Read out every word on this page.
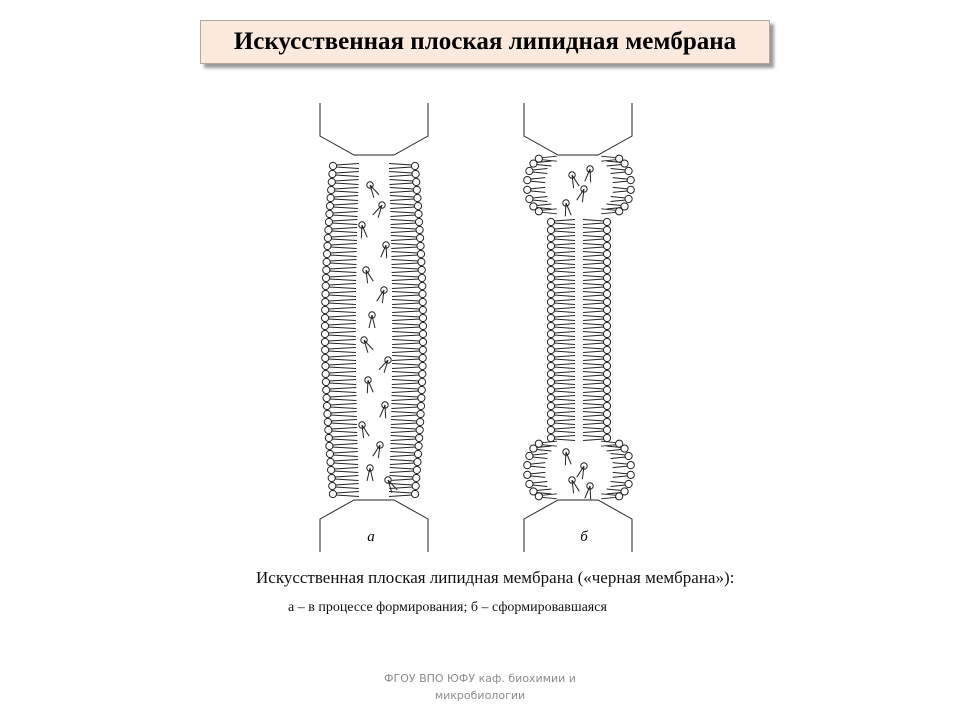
Искусственная плоская липидная мембрана
а	б
Искусственная плоская липидная мембрана («черная мембрана»):
а – в процессе формирования; б – сформировавшаяся
ФГОУ ВПО ЮФУ каф. биохимии и
микробиологии
